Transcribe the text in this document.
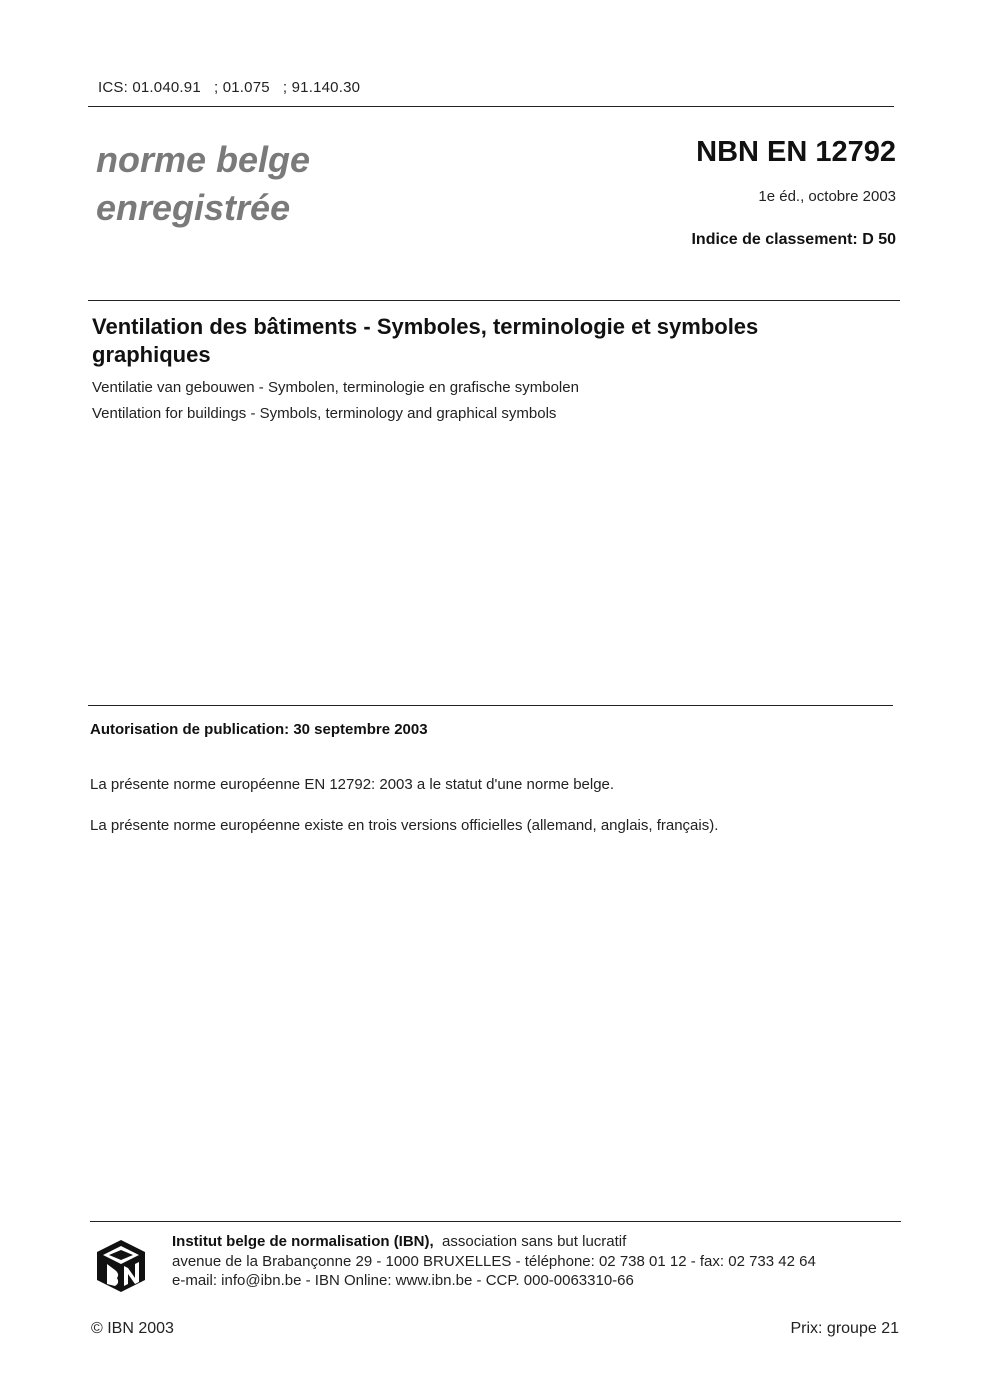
ICS: 01.040.91   ; 01.075   ; 91.140.30
norme belge
enregistrée
NBN EN 12792
1e éd., octobre 2003
Indice de classement: D 50
Ventilation des bâtiments - Symboles, terminologie et symboles graphiques
Ventilatie van gebouwen - Symbolen, terminologie en grafische symbolen
Ventilation for buildings - Symbols, terminology and graphical symbols
Autorisation de publication: 30 septembre 2003
La présente norme européenne EN 12792: 2003 a le statut d'une norme belge.
La présente norme européenne existe en trois versions officielles (allemand, anglais, français).
Institut belge de normalisation (IBN),  association sans but lucratif
avenue de la Brabançonne 29 - 1000 BRUXELLES - téléphone: 02 738 01 12 - fax: 02 733 42 64
e-mail: info@ibn.be - IBN Online: www.ibn.be - CCP. 000-0063310-66
© IBN 2003	Prix: groupe 21
